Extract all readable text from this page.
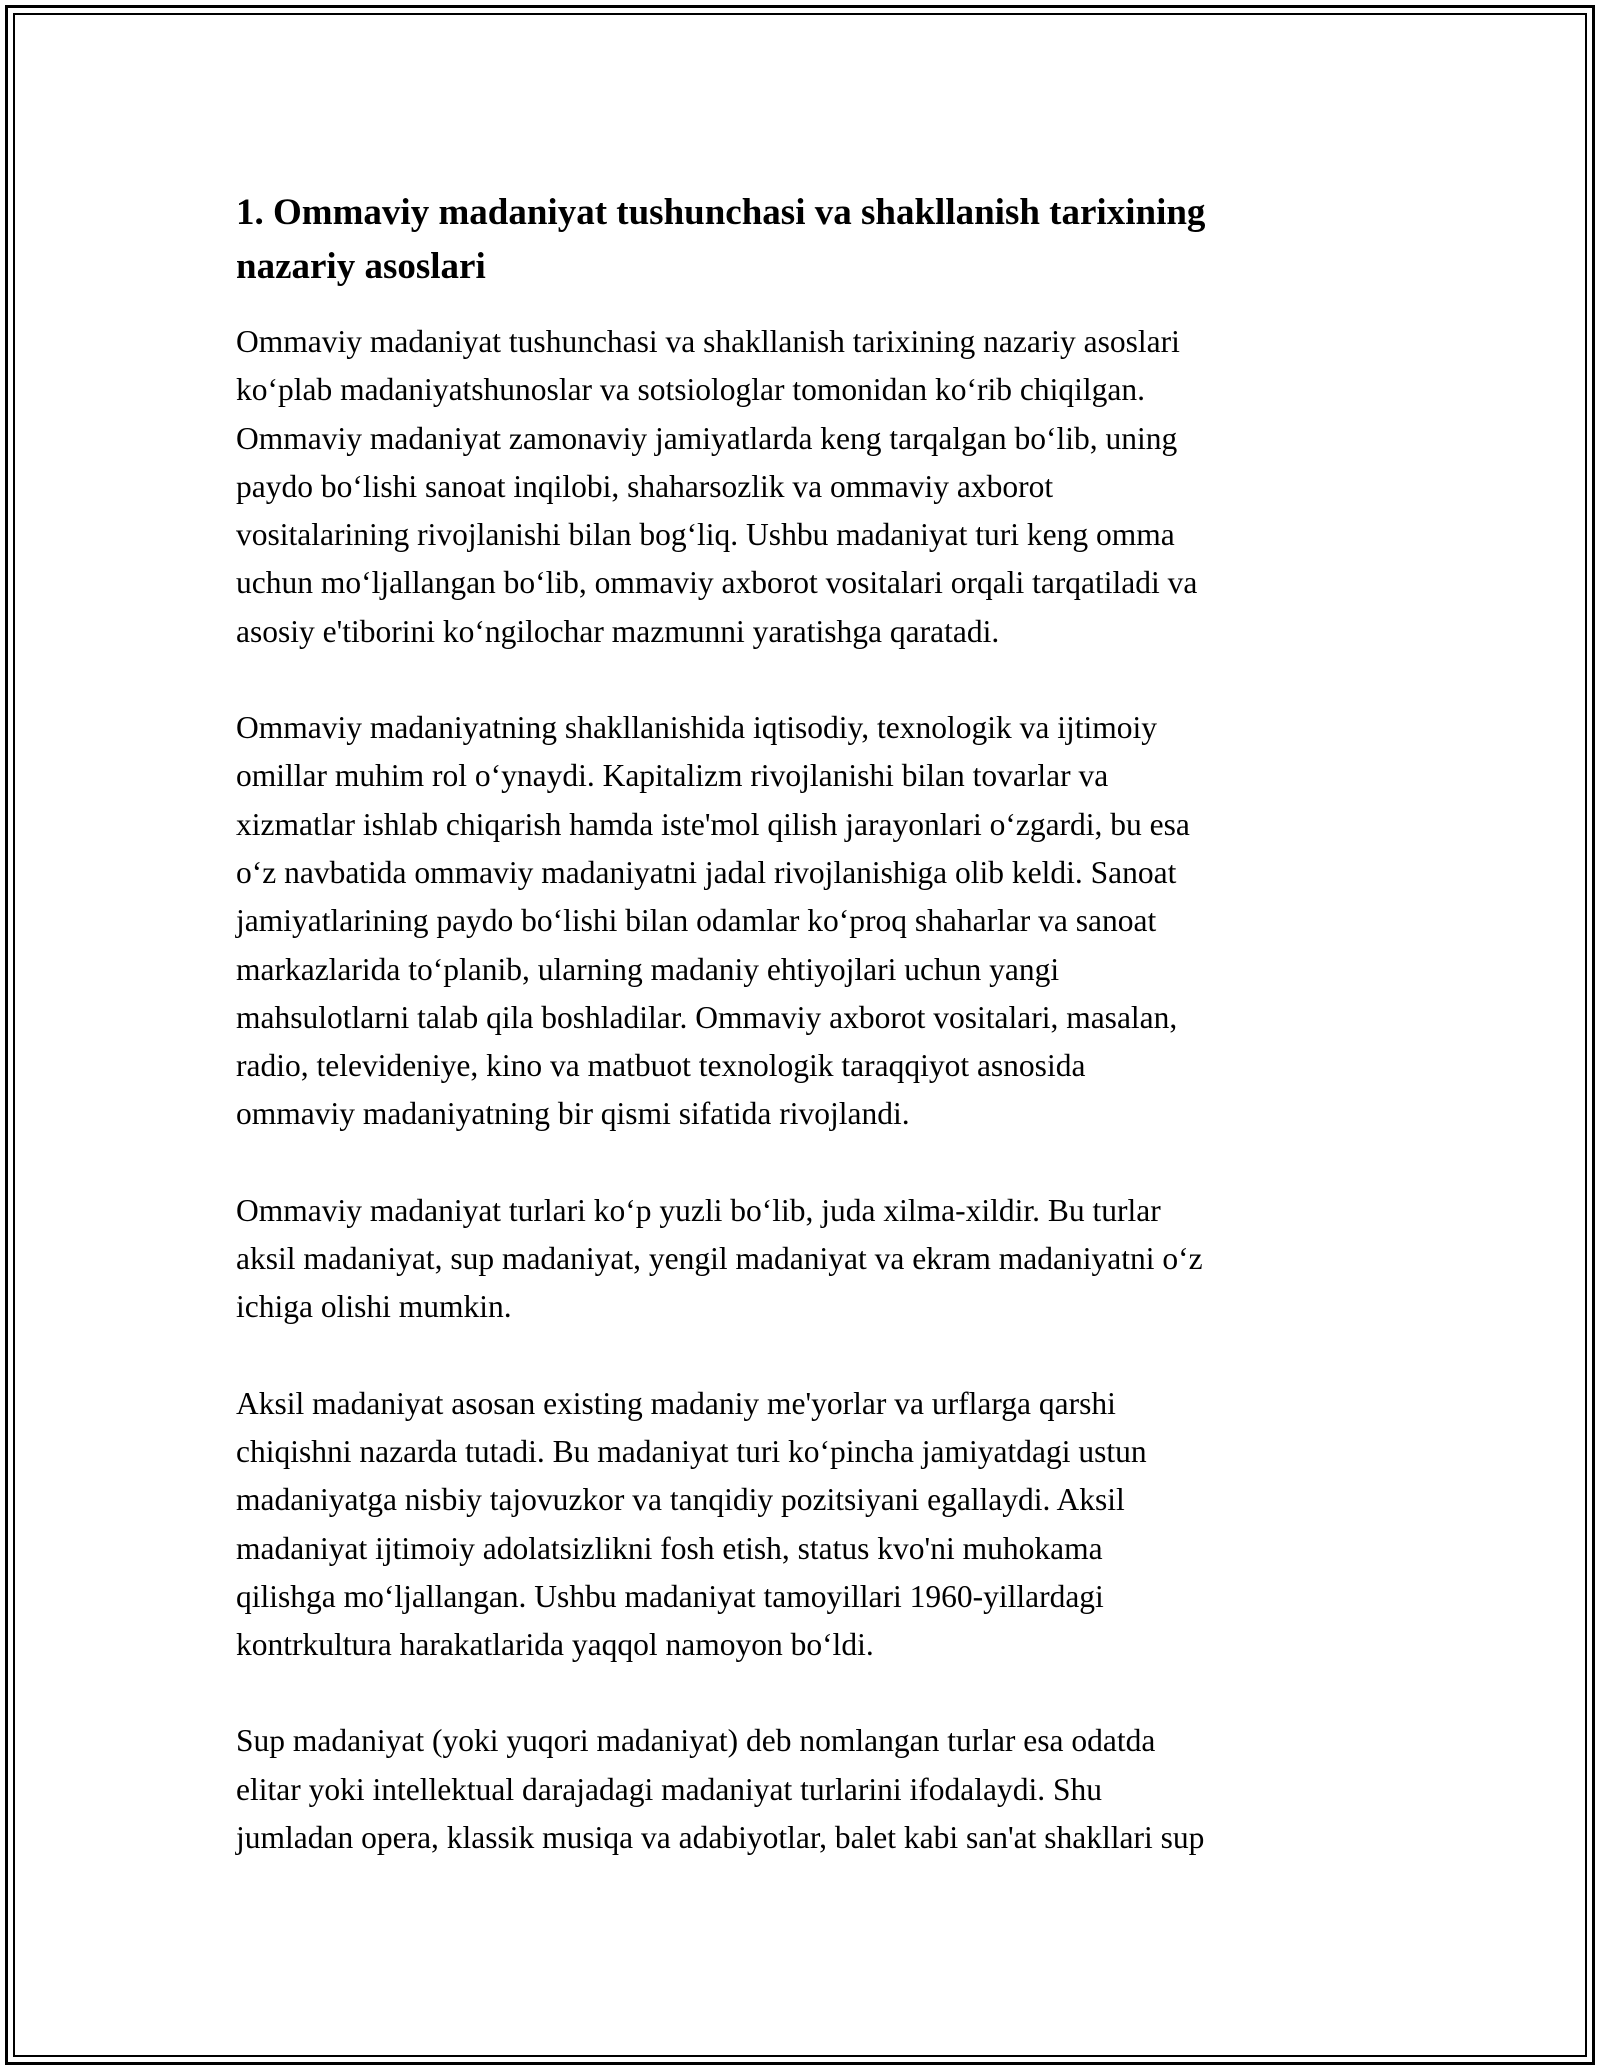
1. Ommaviy madaniyat tushunchasi va shakllanish tarixining
nazariy asoslari

Ommaviy madaniyat tushunchasi va shakllanish tarixining nazariy asoslari
ko‘plab madaniyatshunoslar va sotsiologlar tomonidan ko‘rib chiqilgan.
Ommaviy madaniyat zamonaviy jamiyatlarda keng tarqalgan bo‘lib, uning
paydo bo‘lishi sanoat inqilobi, shaharsozlik va ommaviy axborot
vositalarining rivojlanishi bilan bog‘liq. Ushbu madaniyat turi keng omma
uchun mo‘ljallangan bo‘lib, ommaviy axborot vositalari orqali tarqatiladi va
asosiy e'tiborini ko‘ngilochar mazmunni yaratishga qaratadi.

Ommaviy madaniyatning shakllanishida iqtisodiy, texnologik va ijtimoiy
omillar muhim rol o‘ynaydi. Kapitalizm rivojlanishi bilan tovarlar va
xizmatlar ishlab chiqarish hamda iste'mol qilish jarayonlari o‘zgardi, bu esa
o‘z navbatida ommaviy madaniyatni jadal rivojlanishiga olib keldi. Sanoat
jamiyatlarining paydo bo‘lishi bilan odamlar ko‘proq shaharlar va sanoat
markazlarida to‘planib, ularning madaniy ehtiyojlari uchun yangi
mahsulotlarni talab qila boshladilar. Ommaviy axborot vositalari, masalan,
radio, televideniye, kino va matbuot texnologik taraqqiyot asnosida
ommaviy madaniyatning bir qismi sifatida rivojlandi.

Ommaviy madaniyat turlari ko‘p yuzli bo‘lib, juda xilma-xildir. Bu turlar
aksil madaniyat, sup madaniyat, yengil madaniyat va ekram madaniyatni o‘z
ichiga olishi mumkin.

Aksil madaniyat asosan existing madaniy me'yorlar va urflarga qarshi
chiqishni nazarda tutadi. Bu madaniyat turi ko‘pincha jamiyatdagi ustun
madaniyatga nisbiy tajovuzkor va tanqidiy pozitsiyani egallaydi. Aksil
madaniyat ijtimoiy adolatsizlikni fosh etish, status kvo'ni muhokama
qilishga mo‘ljallangan. Ushbu madaniyat tamoyillari 1960-yillardagi
kontrkultura harakatlarida yaqqol namoyon bo‘ldi.

Sup madaniyat (yoki yuqori madaniyat) deb nomlangan turlar esa odatda
elitar yoki intellektual darajadagi madaniyat turlarini ifodalaydi. Shu
jumladan opera, klassik musiqa va adabiyotlar, balet kabi san'at shakllari sup
